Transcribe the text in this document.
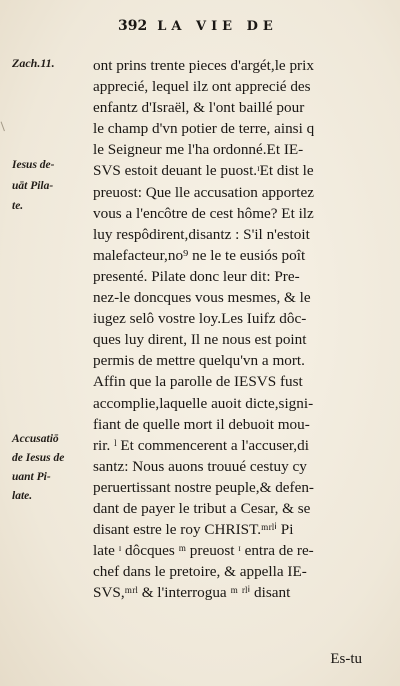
392 LA VIE DE
Zach.11.
Iesus de-
uāt Pila-
te.
Accusatiō
de Iesus de
uant Pi-
late.
ont prins trente pieces d'argét,le prix
apprecié, lequel ilz ont apprecié des
enfantz d'Israël, & l'ont baillé pour
le champ d'vn potier de terre, ainsi q
le Seigneur me l'ha ordonné.Et IE-
SVS estoit deuant le puost.ᶦEt dist le
preuost: Que lle accusation apportez
vous a l'encôtre de cest hôme? Et ilz
luy respôdirent,disantz : S'il n'estoit
malefacteur,no⁹ ne le te eusiós poît
presenté. Pilate donc leur dit: Pre-
nez-le doncques vous mesmes, & le
iugez selô vostre loy.Les Iuifz dôc-
ques luy dirent, Il ne nous est point
permis de mettre quelqu'vn a mort.
Affin que la parolle de IESVS fust
accomplie,laquelle auoit dicte,signi-
fiant de quelle mort il debuoit mou-
rir. ˡ Et commencerent a l'accuser,di
santz: Nous auons trouué cestuy cy
peruertissant nostre peuple,& defen-
dant de payer le tribut a Cesar, & se
disant estre le roy CHRIST.ᵐʳˡⁱ Pi
late ᶦ dôcques ᵐ preuost ᶦ entra de re-
chef dans le pretoire, & appella IE-
SVS,ᵐʳˡ & l'interrogua ᵐ ʳˡⁱ disant
Es-tu
